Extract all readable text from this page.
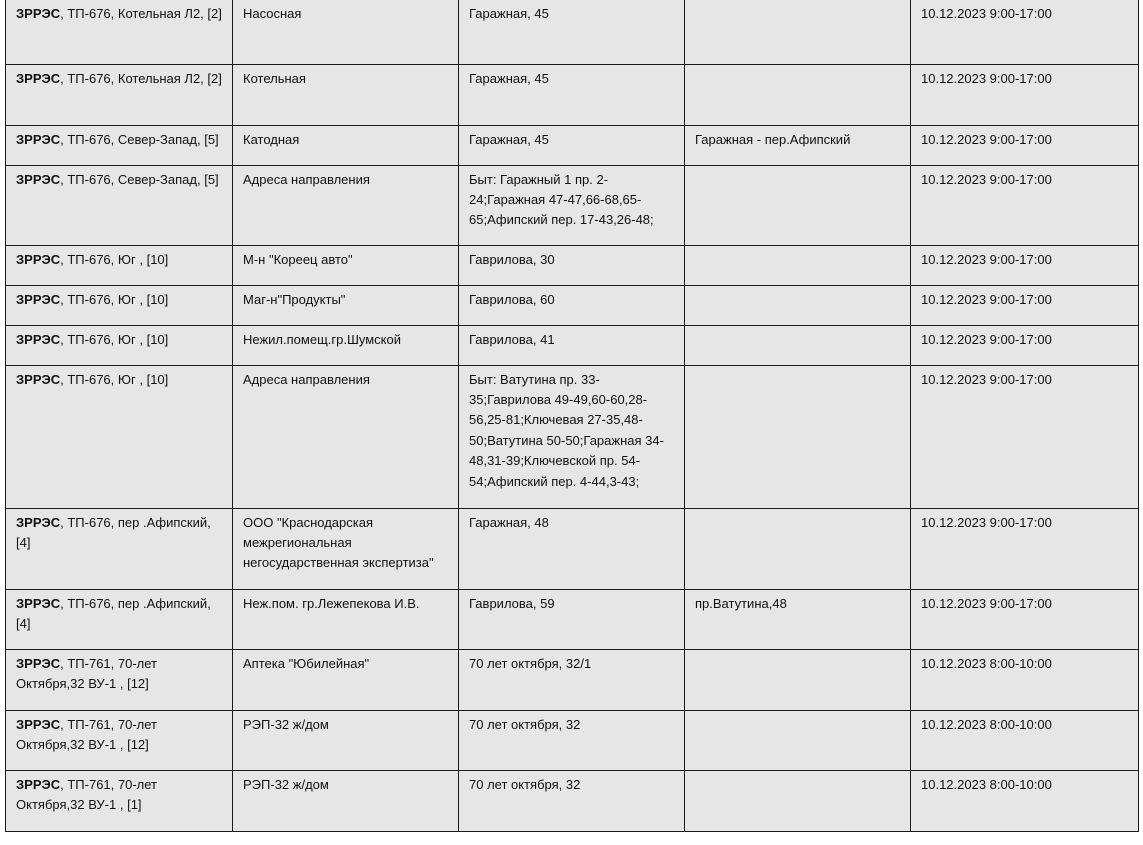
ЗРРЭС, ТП-676, Котельная Л2, [2]	Насосная	Гаражная, 45		10.12.2023 9:00-17:00
ЗРРЭС, ТП-676, Котельная Л2, [2]	Котельная	Гаражная, 45		10.12.2023 9:00-17:00
ЗРРЭС, ТП-676, Север-Запад, [5]	Катодная	Гаражная, 45	Гаражная - пер.Афипский	10.12.2023 9:00-17:00
ЗРРЭС, ТП-676, Север-Запад, [5]	Адреса направления	Быт: Гаражный 1 пр. 2-24;Гаражная 47-47,66-68,65-65;Афипский пер. 17-43,26-48;		10.12.2023 9:00-17:00
ЗРРЭС, ТП-676, Юг , [10]	М-н "Кореец авто"	Гаврилова, 30		10.12.2023 9:00-17:00
ЗРРЭС, ТП-676, Юг , [10]	Маг-н"Продукты"	Гаврилова, 60		10.12.2023 9:00-17:00
ЗРРЭС, ТП-676, Юг , [10]	Нежил.помещ.гр.Шумской	Гаврилова, 41		10.12.2023 9:00-17:00
ЗРРЭС, ТП-676, Юг , [10]	Адреса направления	Быт: Ватутина пр. 33-35;Гаврилова 49-49,60-60,28-56,25-81;Ключевая 27-35,48-50;Ватутина 50-50;Гаражная 34-48,31-39;Ключевской пр. 54-54;Афипский пер. 4-44,3-43;		10.12.2023 9:00-17:00
ЗРРЭС, ТП-676, пер .Афипский, [4]	ООО "Краснодарская межрегиональная негосударственная экспертиза"	Гаражная, 48		10.12.2023 9:00-17:00
ЗРРЭС, ТП-676, пер .Афипский, [4]	Неж.пом. гр.Лежепекова И.В.	Гаврилова, 59	пр.Ватутина,48	10.12.2023 9:00-17:00
ЗРРЭС, ТП-761, 70-лет Октября,32 ВУ-1 , [12]	Аптека "Юбилейная"	70 лет октября, 32/1		10.12.2023 8:00-10:00
ЗРРЭС, ТП-761, 70-лет Октября,32 ВУ-1 , [12]	РЭП-32 ж/дом	70 лет октября, 32		10.12.2023 8:00-10:00
ЗРРЭС, ТП-761, 70-лет Октября,32 ВУ-1 , [1]	РЭП-32 ж/дом	70 лет октября, 32		10.12.2023 8:00-10:00
